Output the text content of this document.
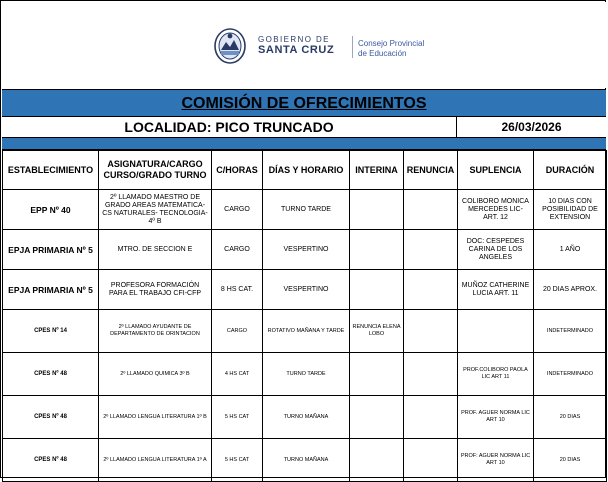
GOBIERNO DE
SANTA CRUZ
Consejo Provincial
de Educación
COMISIÓN DE OFRECIMIENTOS
LOCALIDAD: PICO TRUNCADO	26/03/2026
ESTABLECIMIENTO	ASIGNATURA/CARGO CURSO/GRADO TURNO	C/HORAS	DÍAS Y HORARIO	INTERINA	RENUNCIA	SUPLENCIA	DURACIÓN
EPP Nº 40	2º LLAMADO MAESTRO DE GRADO AREAS MATEMATICA- CS NATURALES- TECNOLOGIA- 4º B	CARGO	TURNO TARDE			COLIBORO MONICA MERCEDES LIC- ART. 12	10 DIAS CON POSIBILIDAD DE EXTENSION
EPJA PRIMARIA Nº 5	MTRO. DE SECCION E	CARGO	VESPERTINO			DOC: CESPEDES CARINA DE LOS ANGELES	1 AÑO
EPJA PRIMARIA Nº 5	PROFESORA FORMACIÓN PARA EL TRABAJO CFI-CFP	8 HS CAT.	VESPERTINO			MUÑOZ CATHERINE LUCIA ART. 11	20 DIAS APROX.
CPES Nº 14	2º LLAMADO AYUDANTE DE DEPARTAMENTO DE ORINTACION	CARGO	ROTATIVO MAÑANA Y TARDE	RENUNCIA ELENA LOBO			INDETERMINADO
CPES Nº 48	2º LLAMADO QUIMICA 3º B	4 HS CAT	TURNO TARDE			PROF.COLIBORO PAOLA LIC ART 11	INDETERMINADO
CPES Nº 48	2º LLAMADO LENGUA LITERATURA 1º B	5 HS CAT	TURNO MAÑANA			PROF. AGUER NORMA LIC ART 10	20 DIAS
CPES Nº 48	2º LLAMADO LENGUA LITERATURA 1º A	5 HS CAT	TURNO MAÑANA			PROF: AGUER NORMA LIC ART 10	20 DIAS
